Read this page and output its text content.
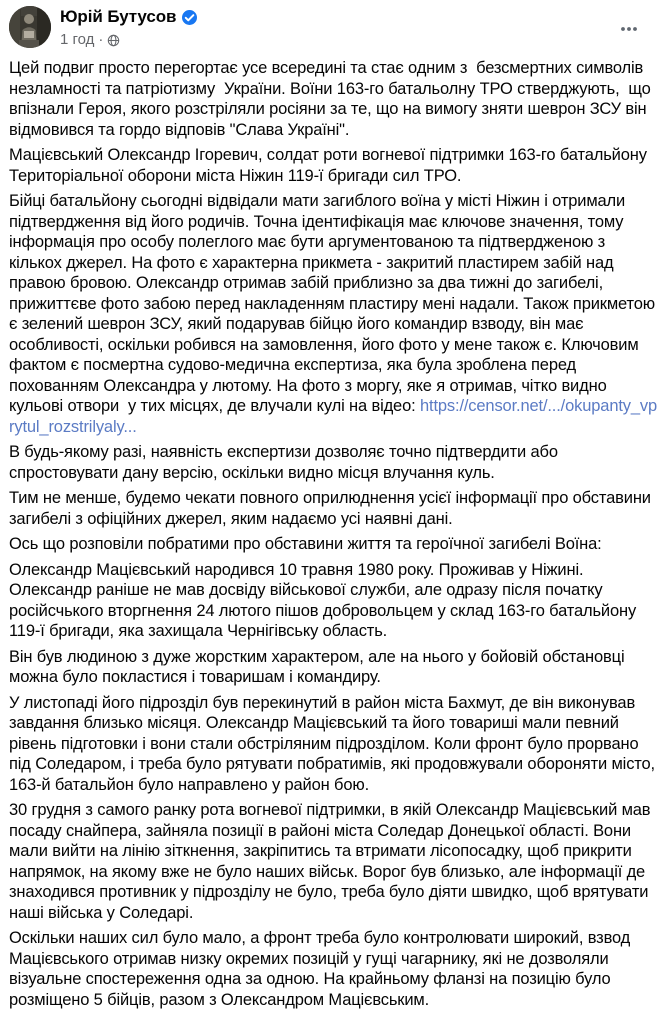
Юрій Бутусов
1 год ·

Цей подвиг просто перегортає усе всередині та стає одним з  безсмертних символів незламності та патріотизму  України. Воїни 163-го батальолну ТРО стверджують,  що впізнали Героя, якого розстріляли росіяни за те, що на вимогу зняти шеврон ЗСУ він відмовився та гордо відповів "Слава Україні".

Мацієвський Олександр Ігоревич, солдат роти вогневої підтримки 163-го батальйону Територіальної оборони міста Ніжин 119-ї бригади сил ТРО.

Бійці батальйону сьогодні відвідали мати загиблого воїна у місті Ніжин і отримали підтвердження від його родичів. Точна ідентифікація має ключове значення, тому інформація про особу полеглого має бути аргументованою та підтвердженою з кількох джерел. На фото є характерна прикмета - закритий пластирем забій над правою бровою. Олександр отримав забій приблизно за два тижні до загибелі, прижиттєве фото забою перед накладенням пластиру мені надали. Також прикметою є зелений шеврон ЗСУ, який подарував бійцю його командир взводу, він має особливості, оскільки робився на замовлення, його фото у мене також є. Ключовим фактом є посмертна судово-медична експертиза, яка була зроблена перед похованням Олександра у лютому. На фото з моргу, яке я отримав, чітко видно кульові отвори  у тих місцях, де влучали кулі на відео: https://censor.net/.../okupanty_vprytul_rozstrilyaly...

В будь-якому разі, наявність експертизи дозволяє точно підтвердити або спростовувати дану версію, оскільки видно місця влучання куль.

Тим не менше, будемо чекати повного оприлюднення усієї інформації про обставини загибелі з офіційних джерел, яким надаємо усі наявні дані.

Ось що розповіли побратими про обставини життя та героїчної загибелі Воїна:

Олександр Мацієвський народився 10 травня 1980 року. Проживав у Ніжині.  Олександр раніше не мав досвіду військової служби, але одразу після початку російсчького вторгнення 24 лютого пішов добровольцем у склад 163-го батальйону 119-ї бригади, яка захищала Чернігівську область.

Він був людиною з дуже жорстким характером, але на нього у бойовій обстановці можна було покластися і товаришам і командиру.

У листопаді його підрозділ був перекинутий в район міста Бахмут, де він виконував завдання близько місяця. Олександр Мацієвський та його товариші мали певний рівень підготовки і вони стали обстріляним підрозділом. Коли фронт було прорвано під Соледаром, і треба було рятувати побратимів, які продовжували обороняти місто, 163-й батальйон було направлено у район бою.

30 грудня з самого ранку рота вогневої підтримки, в якій Олександр Мацієвський мав посаду снайпера, зайняла позиції в районі міста Соледар Донецької області. Вони мали вийти на лінію зіткнення, закріпитись та втримати лісопосадку, щоб прикрити напрямок, на якому вже не було наших військ. Ворог був близько, але інформації де знаходився противник у підрозділу не було, треба було діяти швидко, щоб врятувати наші війська у Соледарі.

Оскільки наших сил було мало, а фронт треба було контролювати широкий, взвод Мацієвського отримав низку окремих позицій у гущі чагарнику, які не дозволяли візуальне спостереження одна за одною. На крайньому фланзі на позицію було розміщено 5 бійців, разом з Олександром Мацієвським.
